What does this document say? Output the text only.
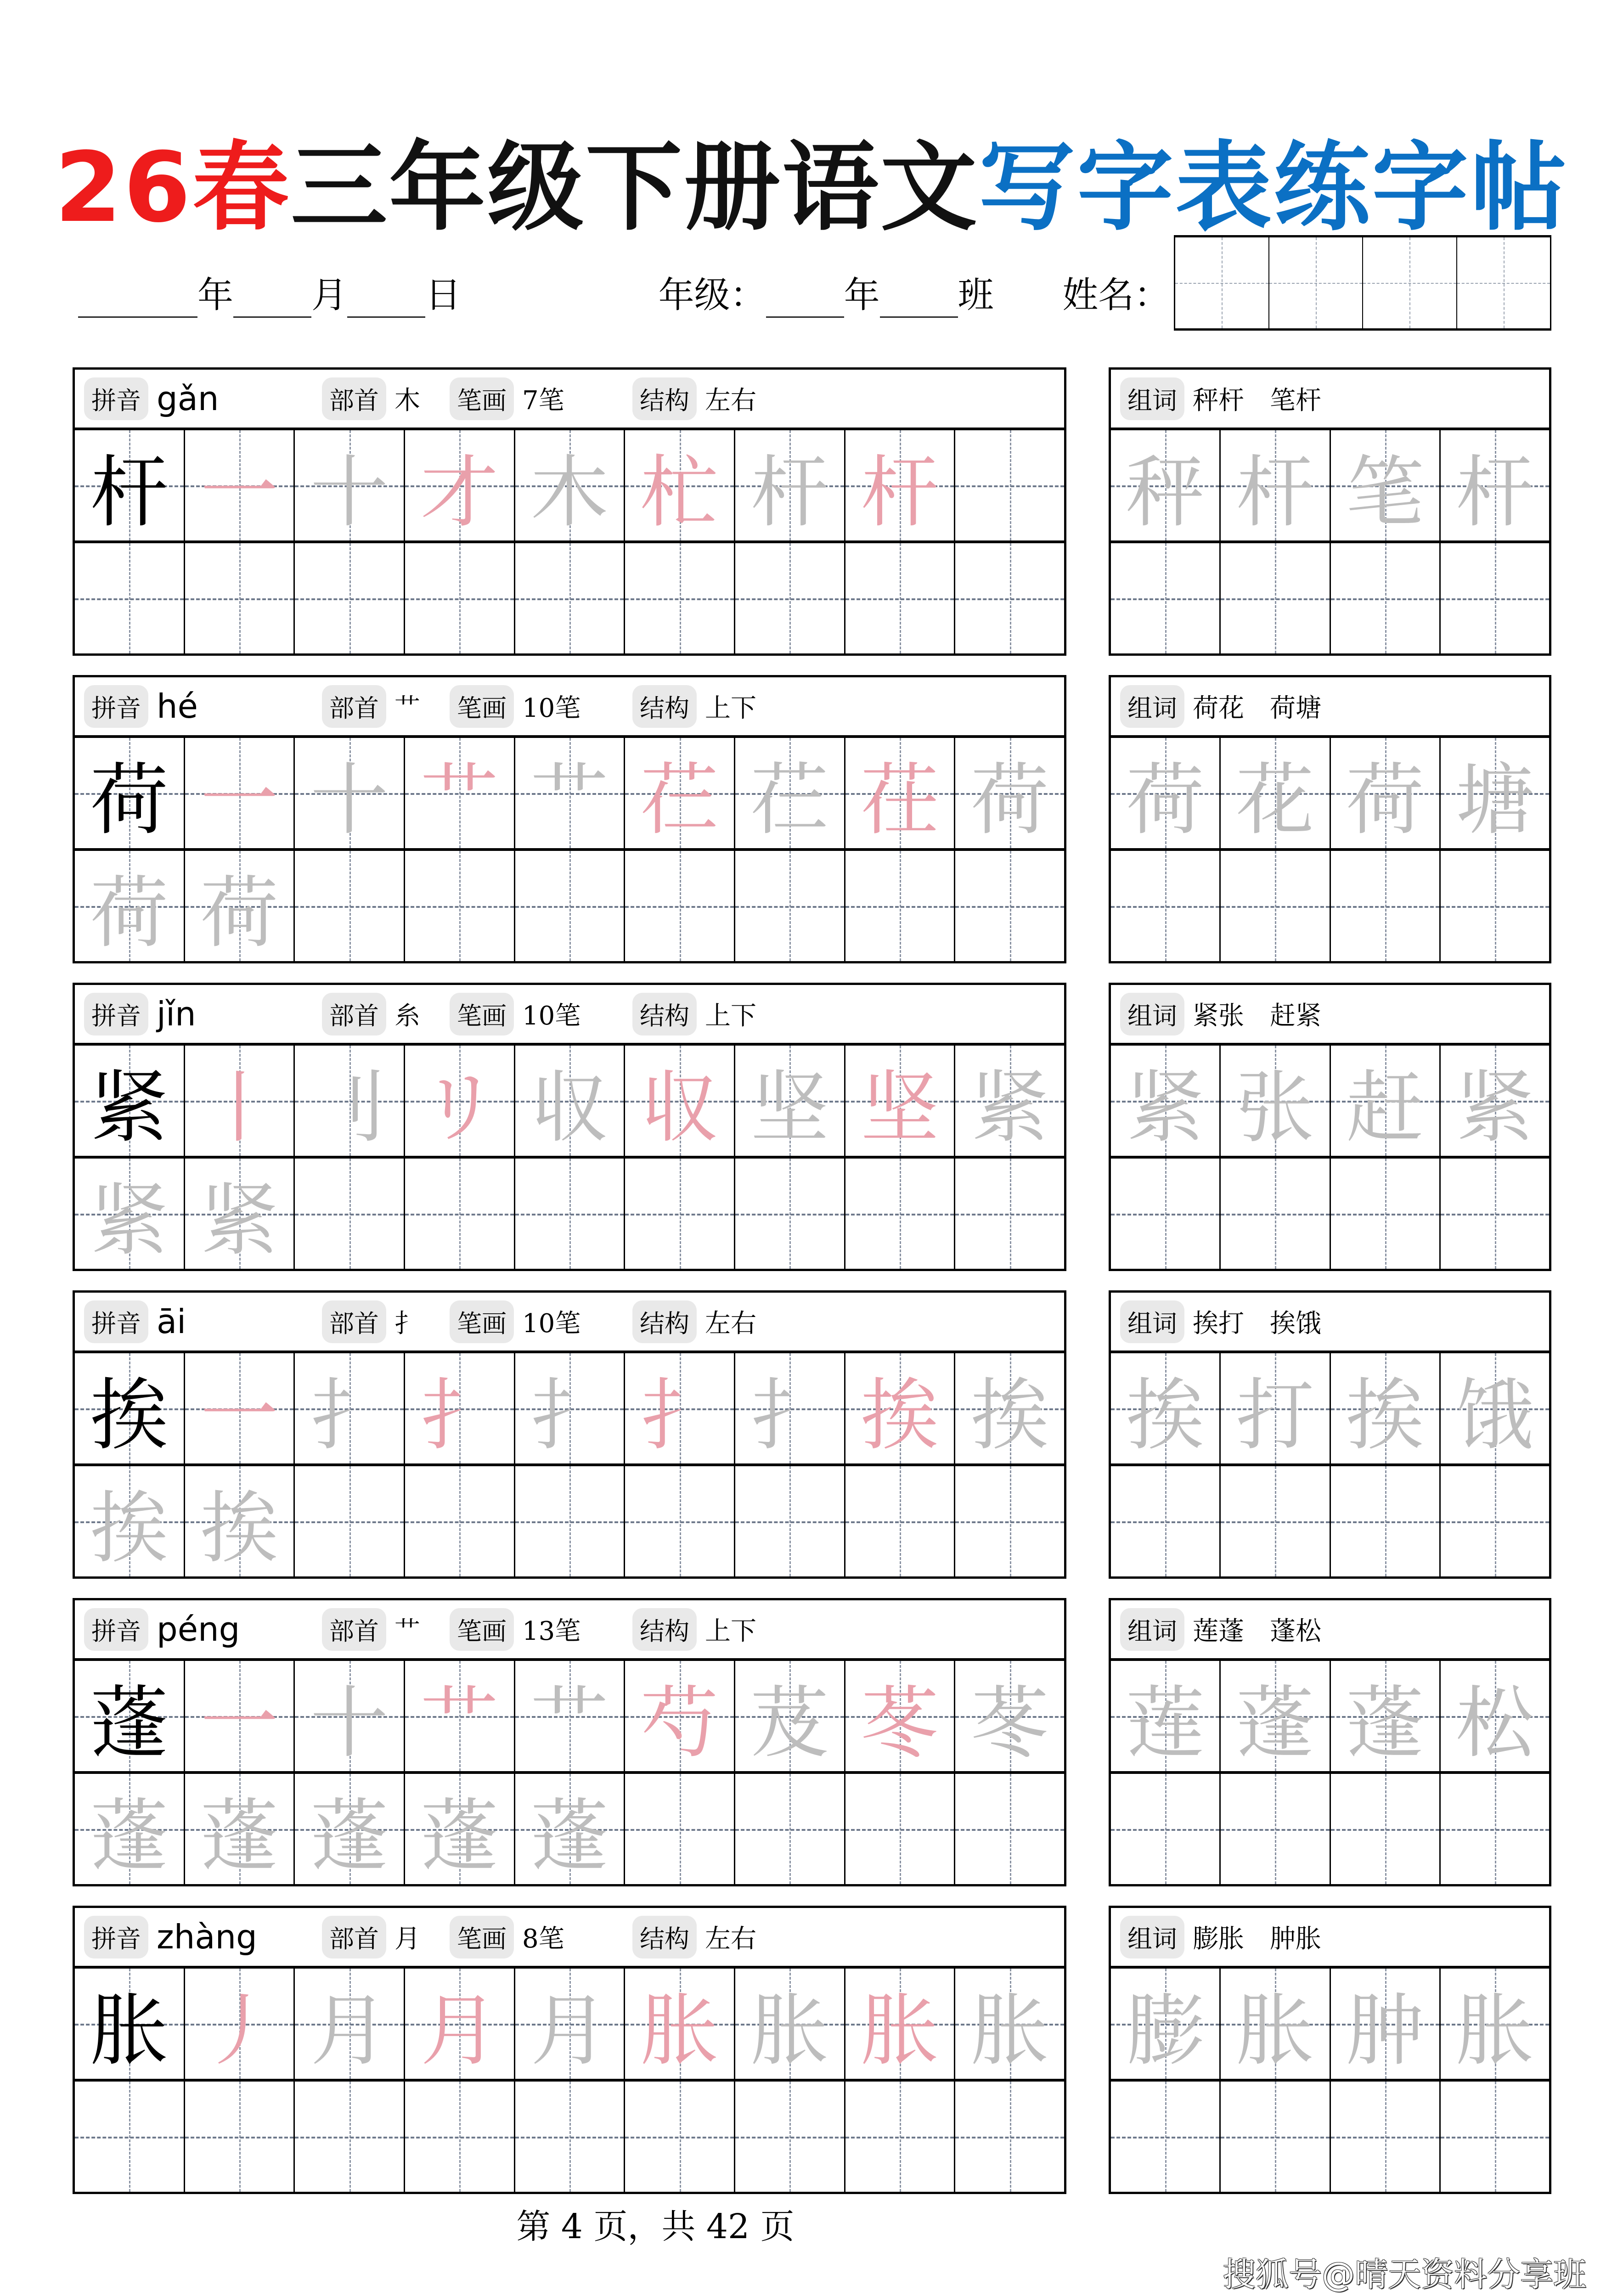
26春三年级下册语文写字表练字帖
年 月 日	年级： 年 班 姓名：
拼音 gǎn	部首 木	笔画 7笔	结构 左右
杆 一 十 才 木 杧 杆 杆
组词 秤杆　笔杆
秤 杆 笔 杆
拼音 hé	部首 艹	笔画 10笔	结构 上下
荷 一 十 艹 艹 芢 芢 茌 荷
荷 荷
组词 荷花　荷塘
荷 花 荷 塘
拼音 jǐn	部首 糸	笔画 10笔	结构 上下
紧 丨 刂 リ 収 収 坚 坚 紧
紧 紧
组词 紧张　赶紧
紧 张 赶 紧
拼音 āi	部首 扌	笔画 10笔	结构 左右
挨 一 扌 扌 扌 扌 扌 挨 挨
挨 挨
组词 挨打　挨饿
挨 打 挨 饿
拼音 péng	部首 艹	笔画 13笔	结构 上下
蓬 一 十 艹 艹 芍 芨 苳 苳
蓬 蓬 蓬 蓬 蓬
组词 莲蓬　蓬松
莲 蓬 蓬 松
拼音 zhàng	部首 月	笔画 8笔	结构 左右
胀 丿 月 月 月 胀 胀 胀 胀
组词 膨胀　肿胀
膨 胀 肿 胀
第 4 页，共 42 页
搜狐号@晴天资料分享班
